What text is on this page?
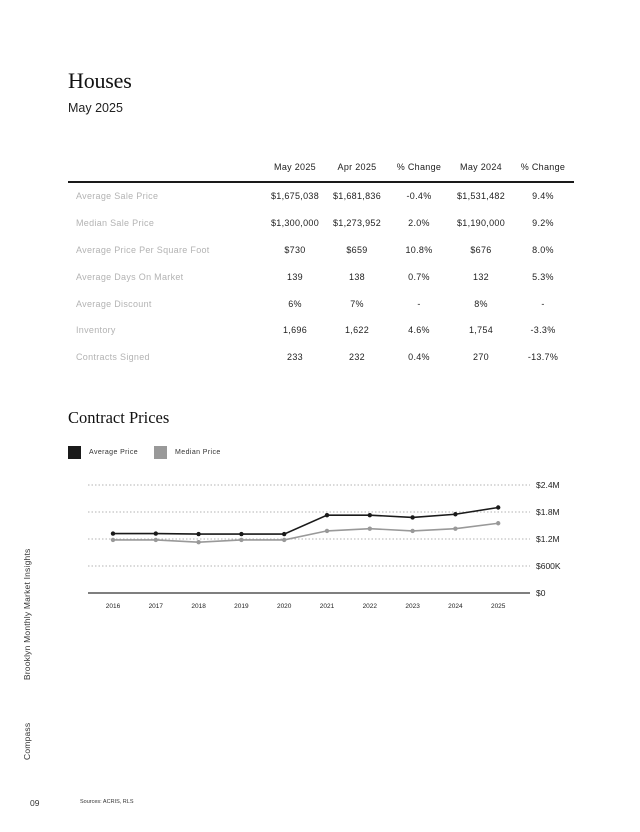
Houses
May 2025
	May 2025	Apr 2025	% Change	May 2024	% Change
Average Sale Price	$1,675,038	$1,681,836	-0.4%	$1,531,482	9.4%
Median Sale Price	$1,300,000	$1,273,952	2.0%	$1,190,000	9.2%
Average Price Per Square Foot	$730	$659	10.8%	$676	8.0%
Average Days On Market	139	138	0.7%	132	5.3%
Average Discount	6%	7%	-	8%	-
Inventory	1,696	1,622	4.6%	1,754	-3.3%
Contracts Signed	233	232	0.4%	270	-13.7%
Contract Prices
Average Price	Median Price
$0
$600K
$1.2M
$1.8M
$2.4M
2016	2017	2018	2019	2020	2021	2022	2023	2024	2025
Compass Brooklyn Monthly Market Insights
09	Sources: ACRIS, RLS
